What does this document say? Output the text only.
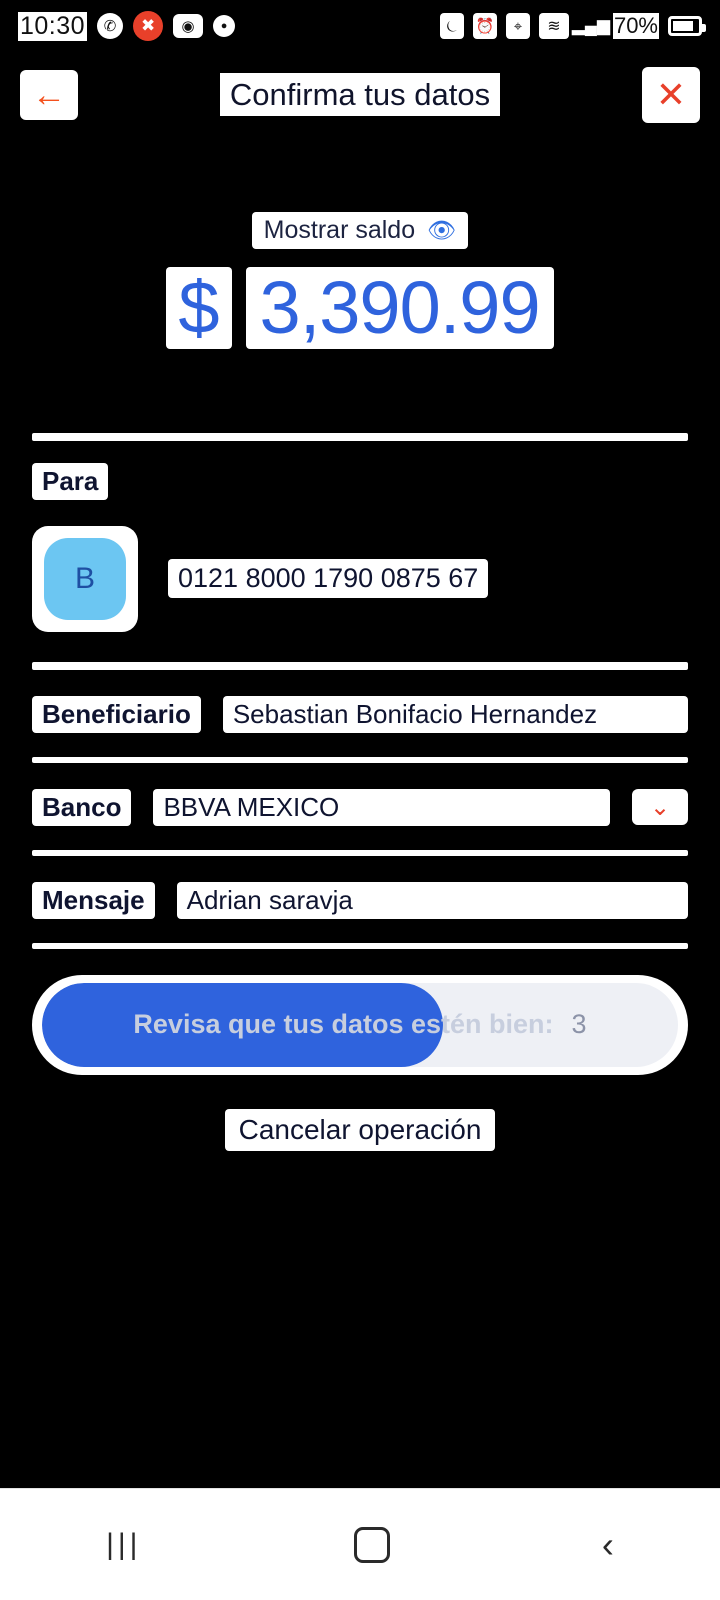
10:30	✆	✖	◉	●	⏾	⏰	⌖	≋ ▂▄▆ 70%
←	Confirma tus datos	✕
Mostrar saldo 👁
$ 3,390.99
Para
B	0121 8000 1790 0875 67
Beneficiario	Sebastian Bonifacio Hernandez
Banco	BBVA MEXICO	⌄
Mensaje	Adrian saravja
Revisa que tus datos estén bien: 3
Cancelar operación
|||	‹
